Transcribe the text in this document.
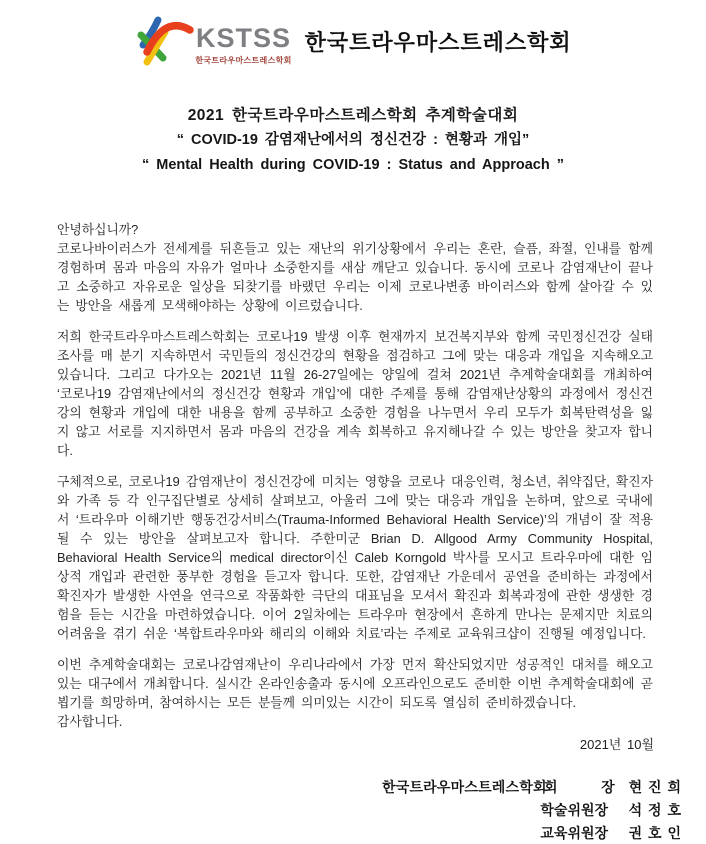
KSTSS
한국트라우마스트레스학회
한국트라우마스트레스학회
2021 한국트라우마스트레스학회 추계학술대회
“ COVID-19 감염재난에서의 정신건강 : 현황과 개입”
“ Mental Health during COVID-19 : Status and Approach ”
안녕하십니까?
코로나바이러스가 전세계를 뒤흔들고 있는 재난의 위기상황에서 우리는 혼란, 슬픔, 좌절, 인내를 함께 경험하며 몸과 마음의 자유가 얼마나 소중한지를 새삼 깨닫고 있습니다. 동시에 코로나 감염재난이 끝나고 소중하고 자유로운 일상을 되찾기를 바랬던 우리는 이제 코로나변종 바이러스와 함께 살아갈 수 있는 방안을 새롭게 모색해야하는 상황에 이르렀습니다.
저희 한국트라우마스트레스학회는 코로나19 발생 이후 현재까지 보건복지부와 함께 국민정신건강 실태조사를 매 분기 지속하면서 국민들의 정신건강의 현황을 점검하고 그에 맞는 대응과 개입을 지속해오고 있습니다. 그리고 다가오는 2021년 11월 26-27일에는 양일에 걸쳐 2021년 추계학술대회를 개최하여 ‘코로나19 감염재난에서의 정신건강 현황과 개입’에 대한 주제를 통해 감염재난상황의 과정에서 정신건강의 현황과 개입에 대한 내용을 함께 공부하고 소중한 경험을 나누면서 우리 모두가 회복탄력성을 잃지 않고 서로를 지지하면서 몸과 마음의 건강을 계속 회복하고 유지해나갈 수 있는 방안을 찾고자 합니다.
구체적으로, 코로나19 감염재난이 정신건강에 미치는 영향을 코로나 대응인력, 청소년, 취약집단, 확진자와 가족 등 각 인구집단별로 상세히 살펴보고, 아울러 그에 맞는 대응과 개입을 논하며, 앞으로 국내에서 ‘트라우마 이해기반 행동건강서비스(Trauma-Informed Behavioral Health Service)’의 개념이 잘 적용될 수 있는 방안을 살펴보고자 합니다. 주한미군 Brian D. Allgood Army Community Hospital, Behavioral Health Service의 medical director이신 Caleb Korngold 박사를 모시고 트라우마에 대한 임상적 개입과 관련한 풍부한 경험을 듣고자 합니다. 또한, 감염재난 가운데서 공연을 준비하는 과정에서 확진자가 발생한 사연을 연극으로 작품화한 극단의 대표님을 모셔서 확진과 회복과정에 관한 생생한 경험을 듣는 시간을 마련하였습니다. 이어 2일차에는 트라우마 현장에서 흔하게 만나는 문제지만 치료의 어려움을 겪기 쉬운 ‘복합트라우마와 해리의 이해와 치료’라는 주제로 교육워크샵이 진행될 예정입니다.
이번 추계학술대회는 코로나감염재난이 우리나라에서 가장 먼저 확산되었지만 성공적인 대처를 해오고있는 대구에서 개최합니다. 실시간 온라인송출과 동시에 오프라인으로도 준비한 이번 추계학술대회에 곧 뵙기를 희망하며, 참여하시는 모든 분들께 의미있는 시간이 되도록 열심히 준비하겠습니다.
감사합니다.
2021년 10월
한국트라우마스트레스학회
회 장 현 진 희
학술위원장	석 정 호
교육위원장	권 호 인
